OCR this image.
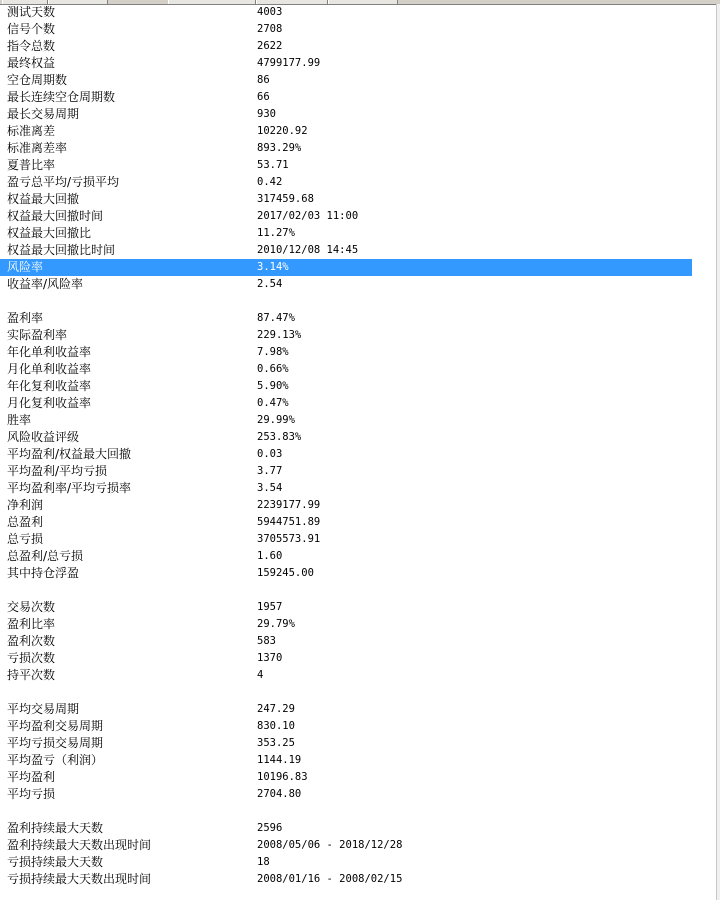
测试天数	4003
信号个数	2708
指令总数	2622
最终权益	4799177.99
空仓周期数	86
最长连续空仓周期数	66
最长交易周期	930
标准离差	10220.92
标准离差率	893.29%
夏普比率	53.71
盈亏总平均/亏损平均	0.42
权益最大回撤	317459.68
权益最大回撤时间	2017/02/03 11:00
权益最大回撤比	11.27%
权益最大回撤比时间	2010/12/08 14:45
风险率	3.14%
收益率/风险率	2.54
盈利率	87.47%
实际盈利率	229.13%
年化单利收益率	7.98%
月化单利收益率	0.66%
年化复利收益率	5.90%
月化复利收益率	0.47%
胜率	29.99%
风险收益评级	253.83%
平均盈利/权益最大回撤	0.03
平均盈利/平均亏损	3.77
平均盈利率/平均亏损率	3.54
净利润	2239177.99
总盈利	5944751.89
总亏损	3705573.91
总盈利/总亏损	1.60
其中持仓浮盈	159245.00
交易次数	1957
盈利比率	29.79%
盈利次数	583
亏损次数	1370
持平次数	4
平均交易周期	247.29
平均盈利交易周期	830.10
平均亏损交易周期	353.25
平均盈亏（利润）	1144.19
平均盈利	10196.83
平均亏损	2704.80
盈利持续最大天数	2596
盈利持续最大天数出现时间	2008/05/06 - 2018/12/28
亏损持续最大天数	18
亏损持续最大天数出现时间	2008/01/16 - 2008/02/15
